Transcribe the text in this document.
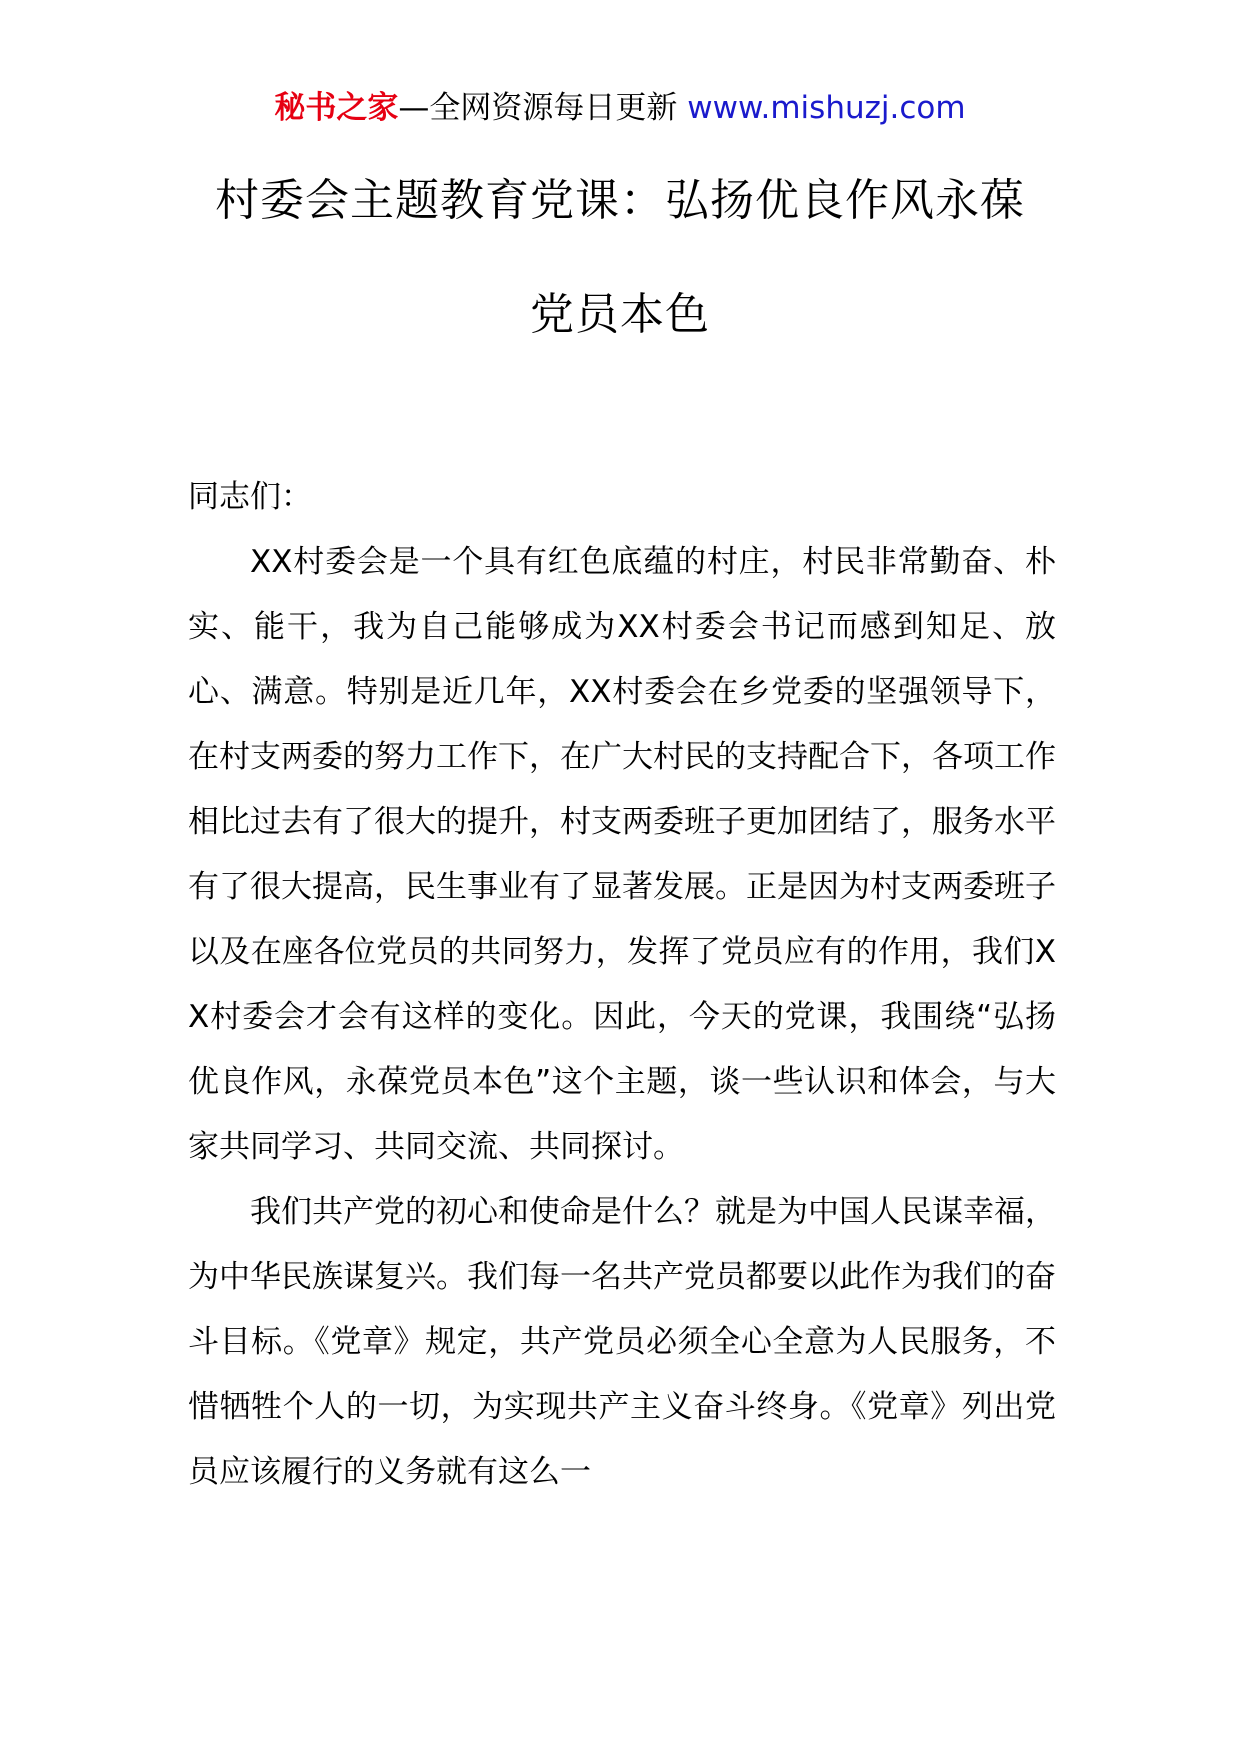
秘书之家—全网资源每日更新 www.mishuzj.com
村委会主题教育党课：弘扬优良作风永葆
党员本色

同志们：

XX村委会是一个具有红色底蕴的村庄，村民非常勤奋、朴实、能干，我为自己能够成为XX村委会书记而感到知足、放心、满意。特别是近几年，XX村委会在乡党委的坚强领导下，在村支两委的努力工作下，在广大村民的支持配合下，各项工作相比过去有了很大的提升，村支两委班子更加团结了，服务水平有了很大提高，民生事业有了显著发展。正是因为村支两委班子以及在座各位党员的共同努力，发挥了党员应有的作用，我们XX村委会才会有这样的变化。因此，今天的党课，我围绕“弘扬优良作风，永葆党员本色”这个主题，谈一些认识和体会，与大家共同学习、共同交流、共同探讨。

我们共产党的初心和使命是什么？就是为中国人民谋幸福，为中华民族谋复兴。我们每一名共产党员都要以此作为我们的奋斗目标。《党章》规定，共产党员必须全心全意为人民服务，不惜牺牲个人的一切，为实现共产主义奋斗终身。《党章》列出党员应该履行的义务就有这么一
